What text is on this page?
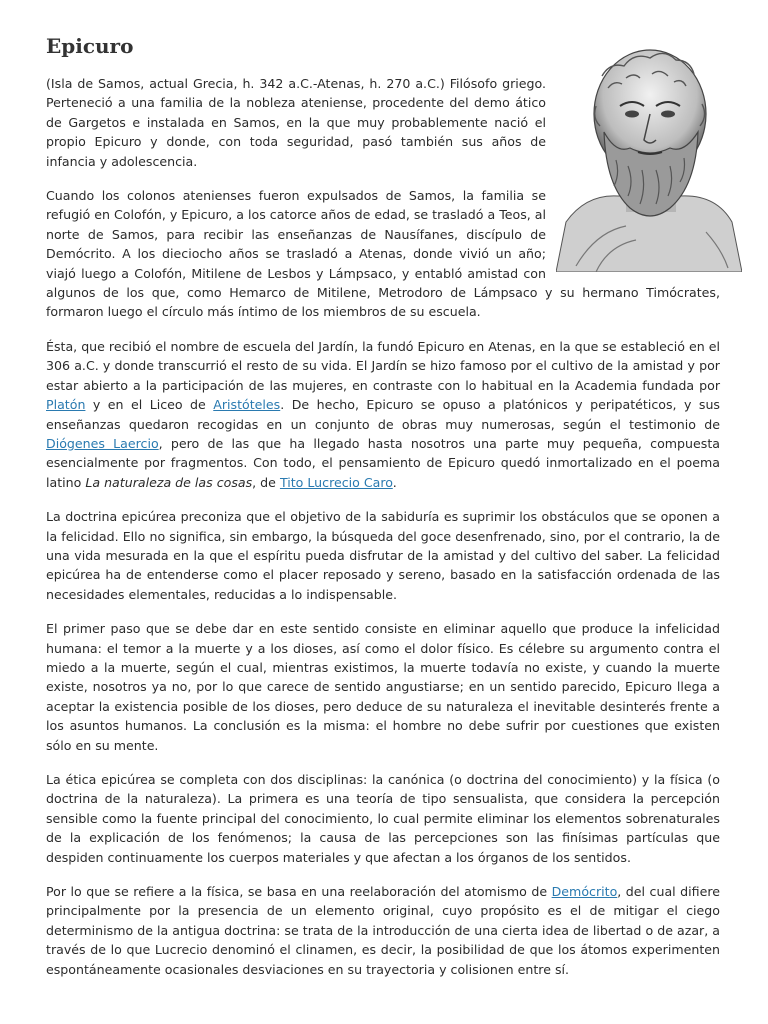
Epicuro

(Isla de Samos, actual Grecia, h. 342 a.C.-Atenas, h. 270 a.C.) Filósofo griego. Perteneció a una familia de la nobleza ateniense, procedente del demo ático de Gargetos e instalada en Samos, en la que muy probablemente nació el propio Epicuro y donde, con toda seguridad, pasó también sus años de infancia y adolescencia.

Cuando los colonos atenienses fueron expulsados de Samos, la familia se refugió en Colofón, y Epicuro, a los catorce años de edad, se trasladó a Teos, al norte de Samos, para recibir las enseñanzas de Nausífanes, discípulo de Demócrito. A los dieciocho años se trasladó a Atenas, donde vivió un año; viajó luego a Colofón, Mitilene de Lesbos y Lámpsaco, y entabló amistad con algunos de los que, como Hemarco de Mitilene, Metrodoro de Lámpsaco y su hermano Timócrates, formaron luego el círculo más íntimo de los miembros de su escuela.

Ésta, que recibió el nombre de escuela del Jardín, la fundó Epicuro en Atenas, en la que se estableció en el 306 a.C. y donde transcurrió el resto de su vida. El Jardín se hizo famoso por el cultivo de la amistad y por estar abierto a la participación de las mujeres, en contraste con lo habitual en la Academia fundada por Platón y en el Liceo de Aristóteles. De hecho, Epicuro se opuso a platónicos y peripatéticos, y sus enseñanzas quedaron recogidas en un conjunto de obras muy numerosas, según el testimonio de Diógenes Laercio, pero de las que ha llegado hasta nosotros una parte muy pequeña, compuesta esencialmente por fragmentos. Con todo, el pensamiento de Epicuro quedó inmortalizado en el poema latino La naturaleza de las cosas, de Tito Lucrecio Caro.

La doctrina epicúrea preconiza que el objetivo de la sabiduría es suprimir los obstáculos que se oponen a la felicidad. Ello no significa, sin embargo, la búsqueda del goce desenfrenado, sino, por el contrario, la de una vida mesurada en la que el espíritu pueda disfrutar de la amistad y del cultivo del saber. La felicidad epicúrea ha de entenderse como el placer reposado y sereno, basado en la satisfacción ordenada de las necesidades elementales, reducidas a lo indispensable.

El primer paso que se debe dar en este sentido consiste en eliminar aquello que produce la infelicidad humana: el temor a la muerte y a los dioses, así como el dolor físico. Es célebre su argumento contra el miedo a la muerte, según el cual, mientras existimos, la muerte todavía no existe, y cuando la muerte existe, nosotros ya no, por lo que carece de sentido angustiarse; en un sentido parecido, Epicuro llega a aceptar la existencia posible de los dioses, pero deduce de su naturaleza el inevitable desinterés frente a los asuntos humanos. La conclusión es la misma: el hombre no debe sufrir por cuestiones que existen sólo en su mente.

La ética epicúrea se completa con dos disciplinas: la canónica (o doctrina del conocimiento) y la física (o doctrina de la naturaleza). La primera es una teoría de tipo sensualista, que considera la percepción sensible como la fuente principal del conocimiento, lo cual permite eliminar los elementos sobrenaturales de la explicación de los fenómenos; la causa de las percepciones son las finísimas partículas que despiden continuamente los cuerpos materiales y que afectan a los órganos de los sentidos.

Por lo que se refiere a la física, se basa en una reelaboración del atomismo de Demócrito, del cual difiere principalmente por la presencia de un elemento original, cuyo propósito es el de mitigar el ciego determinismo de la antigua doctrina: se trata de la introducción de una cierta idea de libertad o de azar, a través de lo que Lucrecio denominó el clinamen, es decir, la posibilidad de que los átomos experimenten espontáneamente ocasionales desviaciones en su trayectoria y colisionen entre sí.
